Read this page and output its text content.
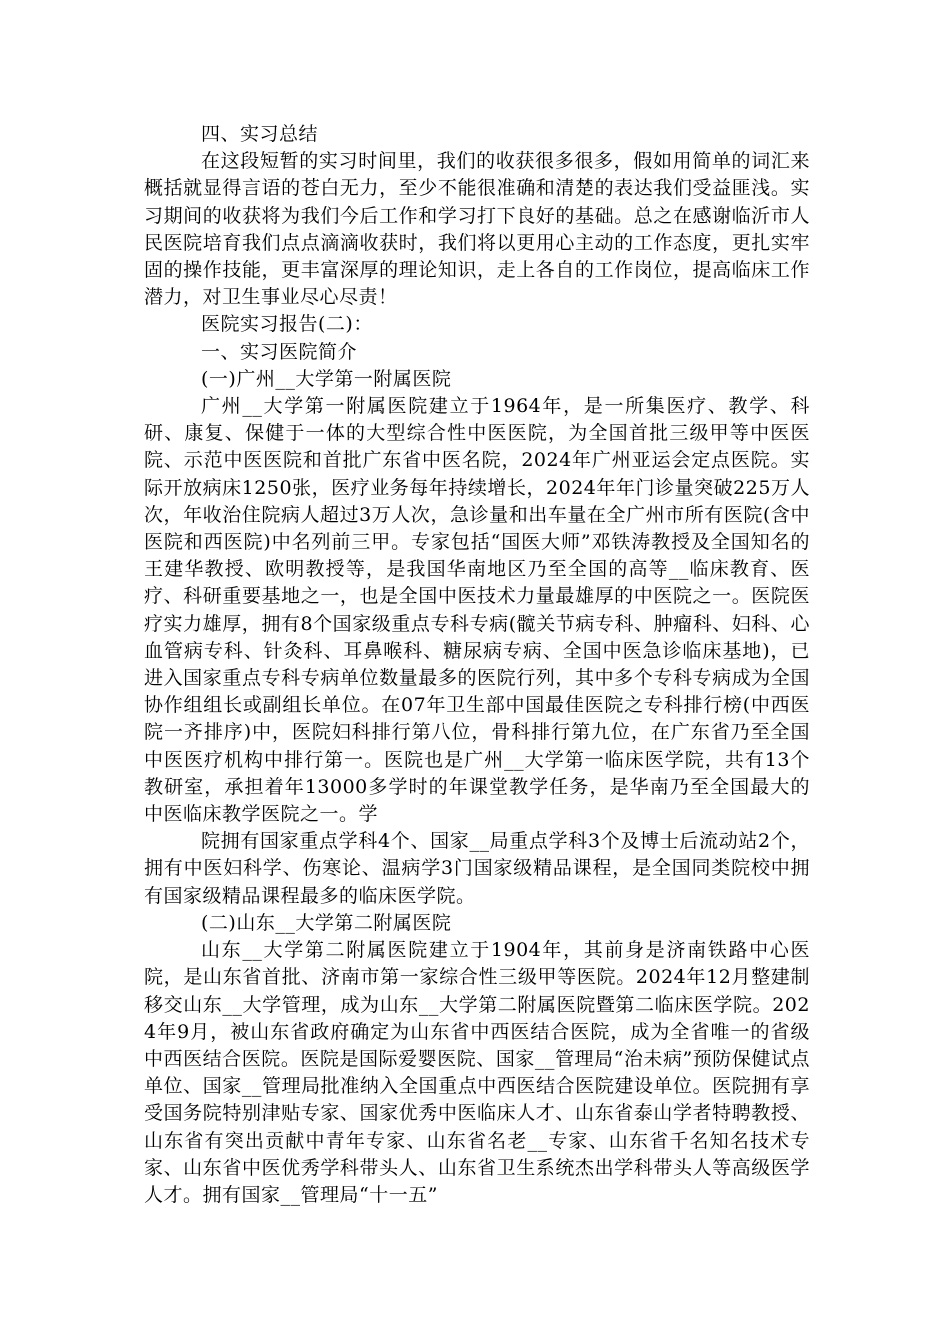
四、实习总结

在这段短暂的实习时间里，我们的收获很多很多，假如用简单的词汇来概括就显得言语的苍白无力，至少不能很准确和清楚的表达我们受益匪浅。实习期间的收获将为我们今后工作和学习打下良好的基础。总之在感谢临沂市人民医院培育我们点点滴滴收获时，我们将以更用心主动的工作态度，更扎实牢固的操作技能，更丰富深厚的理论知识，走上各自的工作岗位，提高临床工作潜力，对卫生事业尽心尽责！

医院实习报告(二)：

一、实习医院简介

(一)广州__大学第一附属医院

广州__大学第一附属医院建立于1964年，是一所集医疗、教学、科研、康复、保健于一体的大型综合性中医医院，为全国首批三级甲等中医医院、示范中医医院和首批广东省中医名院，2024年广州亚运会定点医院。实际开放病床1250张，医疗业务每年持续增长，2024年年门诊量突破225万人次，年收治住院病人超过3万人次，急诊量和出车量在全广州市所有医院(含中医院和西医院)中名列前三甲。专家包括“国医大师”邓铁涛教授及全国知名的王建华教授、欧明教授等，是我国华南地区乃至全国的高等__临床教育、医疗、科研重要基地之一，也是全国中医技术力量最雄厚的中医院之一。医院医疗实力雄厚，拥有8个国家级重点专科专病(髋关节病专科、肿瘤科、妇科、心血管病专科、针灸科、耳鼻喉科、糖尿病专病、全国中医急诊临床基地)，已进入国家重点专科专病单位数量最多的医院行列，其中多个专科专病成为全国协作组组长或副组长单位。在07年卫生部中国最佳医院之专科排行榜(中西医院一齐排序)中，医院妇科排行第八位，骨科排行第九位，在广东省乃至全国中医医疗机构中排行第一。医院也是广州__大学第一临床医学院，共有13个教研室，承担着年13000多学时的年课堂教学任务，是华南乃至全国最大的中医临床教学医院之一。学

院拥有国家重点学科4个、国家__局重点学科3个及博士后流动站2个，拥有中医妇科学、伤寒论、温病学3门国家级精品课程，是全国同类院校中拥有国家级精品课程最多的临床医学院。

(二)山东__大学第二附属医院

山东__大学第二附属医院建立于1904年，其前身是济南铁路中心医院，是山东省首批、济南市第一家综合性三级甲等医院。2024年12月整建制移交山东__大学管理，成为山东__大学第二附属医院暨第二临床医学院。2024年9月，被山东省政府确定为山东省中西医结合医院，成为全省唯一的省级中西医结合医院。医院是国际爱婴医院、国家__管理局“治未病”预防保健试点单位、国家__管理局批准纳入全国重点中西医结合医院建设单位。医院拥有享受国务院特别津贴专家、国家优秀中医临床人才、山东省泰山学者特聘教授、山东省有突出贡献中青年专家、山东省名老__专家、山东省千名知名技术专家、山东省中医优秀学科带头人、山东省卫生系统杰出学科带头人等高级医学人才。拥有国家__管理局“十一五”
